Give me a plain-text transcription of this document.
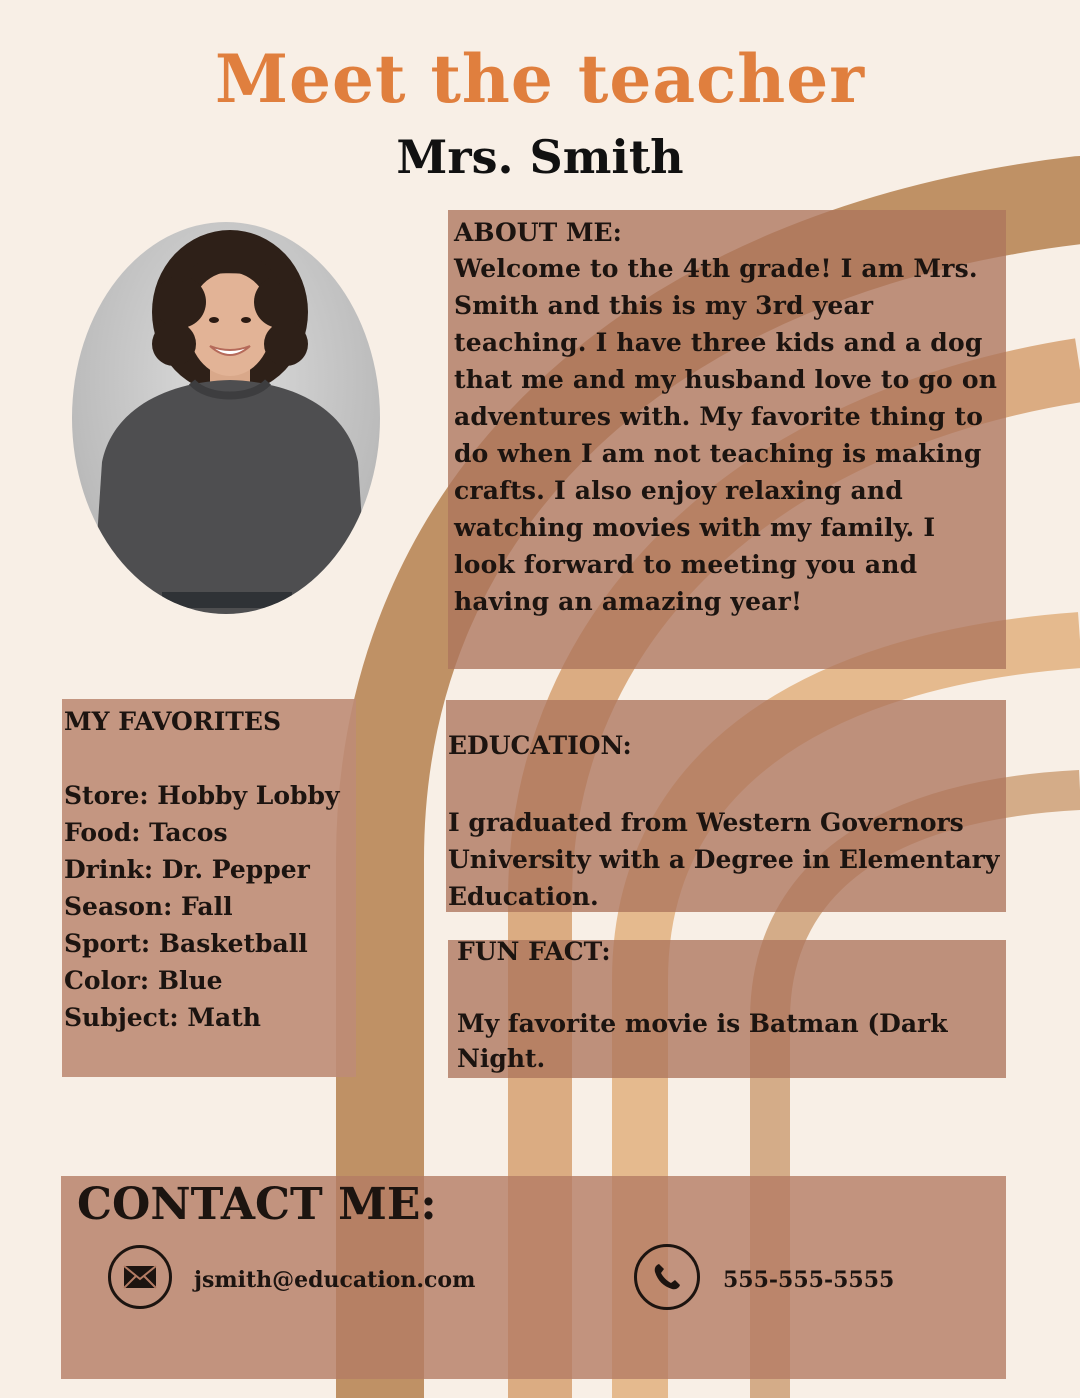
Meet the teacher
Mrs. Smith
ABOUT ME:
Welcome to the 4th grade! I am Mrs. Smith and this is my 3rd year teaching. I have three kids and a dog that me and my husband love to go on adventures with. My favorite thing to do when I am not teaching is making crafts. I also enjoy relaxing and watching movies with my family. I look forward to meeting you and having an amazing year!
MY FAVORITES
Store: Hobby Lobby
Food: Tacos
Drink: Dr. Pepper
Season: Fall
Sport: Basketball
Color: Blue
Subject: Math
EDUCATION:
I graduated from Western Governors University with a Degree in Elementary Education.
FUN FACT:
My favorite movie is Batman (Dark Night.
CONTACT ME:
jsmith@education.com	555-555-5555
